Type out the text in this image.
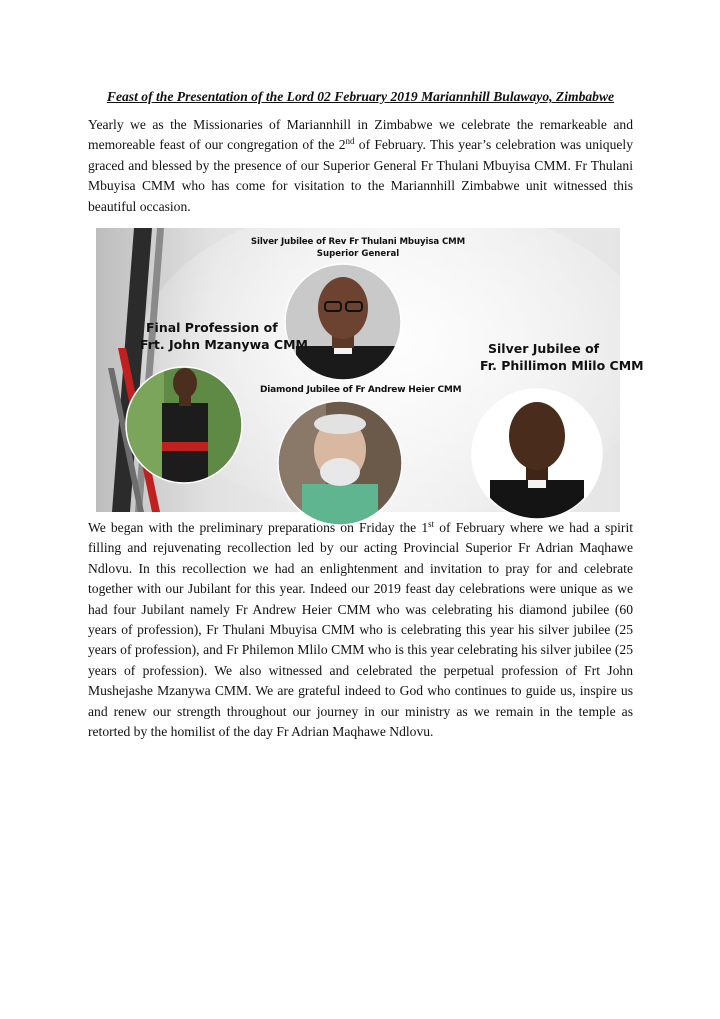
Feast of the Presentation of the Lord 02 February 2019 Mariannhill Bulawayo, Zimbabwe

Yearly we as the Missionaries of Mariannhill in Zimbabwe we celebrate the remarkeable and memoreable feast of our congregation of the 2nd of February. This year’s celebration was uniquely graced and blessed by the presence of our Superior General Fr Thulani Mbuyisa CMM. Fr Thulani Mbuyisa CMM who has come for visitation to the Mariannhill Zimbabwe unit witnessed this beautiful occasion.

Silver Jubilee of Rev Fr Thulani Mbuyisa CMM
Superior General
Final Profession of
Frt. John Mzanywa CMM	Silver Jubilee of
Fr. Phillimon Mlilo CMM
Diamond Jubilee of Fr Andrew Heier CMM

We began with the preliminary preparations on Friday the 1st of February where we had a spirit filling and rejuvenating recollection led by our acting Provincial Superior Fr Adrian Maqhawe Ndlovu. In this recollection we had an enlightenment and invitation to pray for and celebrate together with our Jubilant for this year. Indeed our 2019 feast day celebrations were unique as we had four Jubilant namely Fr Andrew Heier CMM who was celebrating his diamond jubilee (60 years of profession), Fr Thulani Mbuyisa CMM who is celebrating this year his silver jubilee (25 years of profession), and Fr Philemon Mlilo CMM who is this year celebrating his silver jubilee (25 years of profession). We also witnessed and celebrated the perpetual profession of Frt John Mushejashe Mzanywa CMM. We are grateful indeed to God who continues to guide us, inspire us and renew our strength throughout our journey in our ministry as we remain in the temple as retorted by the homilist of the day Fr Adrian Maqhawe Ndlovu.
